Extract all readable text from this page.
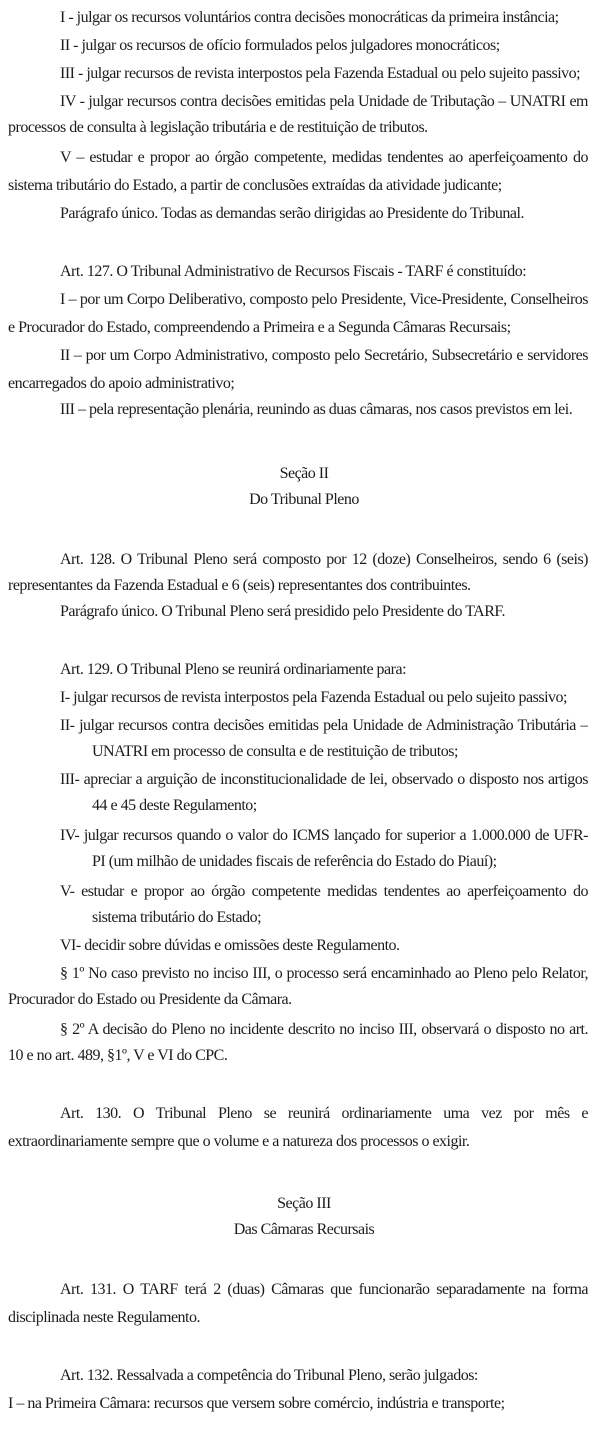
I - julgar os recursos voluntários contra decisões monocráticas da primeira instância;
II - julgar os recursos de ofício formulados pelos julgadores monocráticos;
III - julgar recursos de revista interpostos pela Fazenda Estadual ou pelo sujeito passivo;
IV - julgar recursos contra decisões emitidas pela Unidade de Tributação – UNATRI em
processos de consulta à legislação tributária e de restituição de tributos.
V – estudar e propor ao órgão competente, medidas tendentes ao aperfeiçoamento do
sistema tributário do Estado, a partir de conclusões extraídas da atividade judicante;
Parágrafo único. Todas as demandas serão dirigidas ao Presidente do Tribunal.
Art. 127. O Tribunal Administrativo de Recursos Fiscais - TARF é constituído:
I – por um Corpo Deliberativo, composto pelo Presidente, Vice-Presidente, Conselheiros
e Procurador do Estado, compreendendo a Primeira e a Segunda Câmaras Recursais;
II – por um Corpo Administrativo, composto pelo Secretário, Subsecretário e servidores
encarregados do apoio administrativo;
III – pela representação plenária, reunindo as duas câmaras, nos casos previstos em lei.
Seção II
Do Tribunal Pleno
Art. 128. O Tribunal Pleno será composto por 12 (doze) Conselheiros, sendo 6 (seis)
representantes da Fazenda Estadual e 6 (seis) representantes dos contribuintes.
Parágrafo único. O Tribunal Pleno será presidido pelo Presidente do TARF.
Art. 129. O Tribunal Pleno se reunirá ordinariamente para:
I- julgar recursos de revista interpostos pela Fazenda Estadual ou pelo sujeito passivo;
II- julgar recursos contra decisões emitidas pela Unidade de Administração Tributária –
UNATRI em processo de consulta e de restituição de tributos;
III- apreciar a arguição de inconstitucionalidade de lei, observado o disposto nos artigos
44 e 45 deste Regulamento;
IV- julgar recursos quando o valor do ICMS lançado for superior a 1.000.000 de UFR-
PI (um milhão de unidades fiscais de referência do Estado do Piauí);
V- estudar e propor ao órgão competente medidas tendentes ao aperfeiçoamento do
sistema tributário do Estado;
VI- decidir sobre dúvidas e omissões deste Regulamento.
§ 1º No caso previsto no inciso III, o processo será encaminhado ao Pleno pelo Relator,
Procurador do Estado ou Presidente da Câmara.
§ 2º A decisão do Pleno no incidente descrito no inciso III, observará o disposto no art.
10 e no art. 489, §1º, V e VI do CPC.
Art. 130. O Tribunal Pleno se reunirá ordinariamente uma vez por mês e
extraordinariamente sempre que o volume e a natureza dos processos o exigir.
Seção III
Das Câmaras Recursais
Art. 131. O TARF terá 2 (duas) Câmaras que funcionarão separadamente na forma
disciplinada neste Regulamento.
Art. 132. Ressalvada a competência do Tribunal Pleno, serão julgados:
I – na Primeira Câmara: recursos que versem sobre comércio, indústria e transporte;
